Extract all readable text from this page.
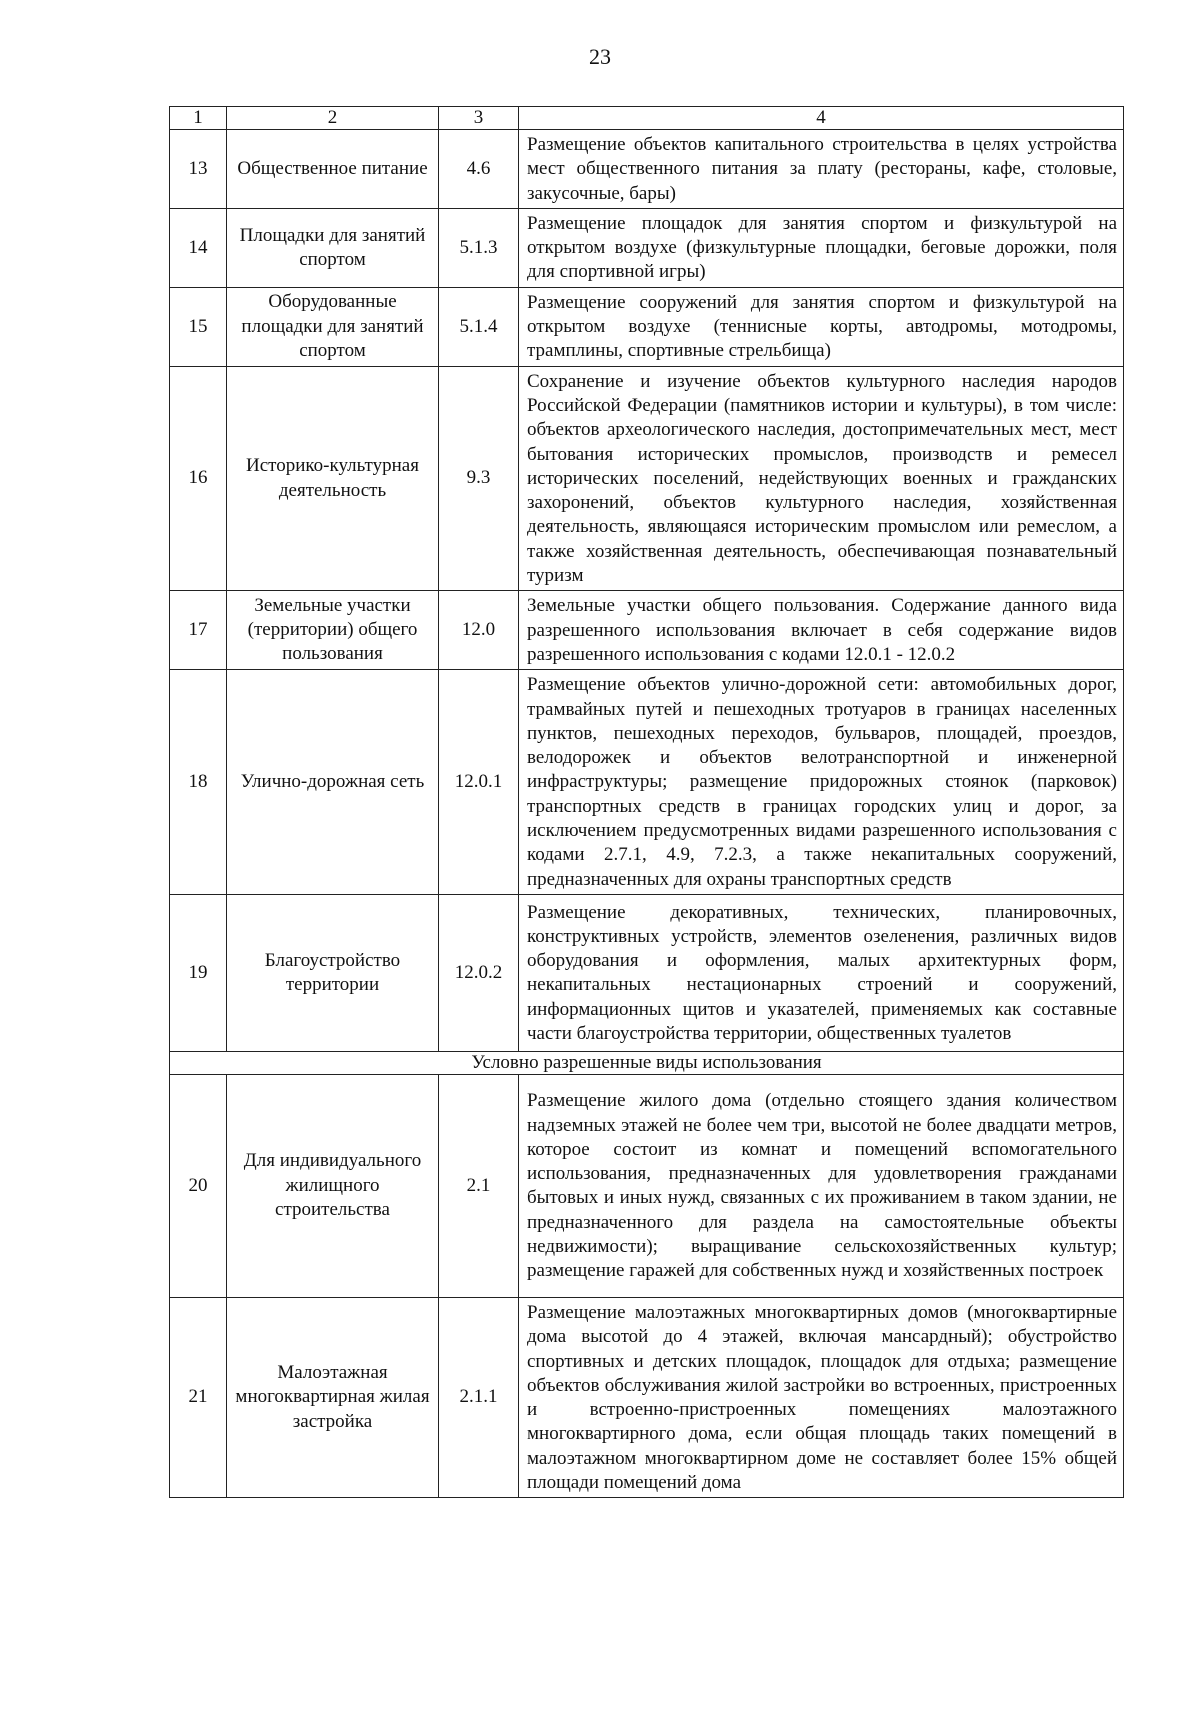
23
1	2	3	4
13	Общественное питание	4.6	Размещение объектов капитального строительства в целях устройства мест общественного питания за плату (рестораны, кафе, столовые, закусочные, бары)
14	Площадки для занятий спортом	5.1.3	Размещение площадок для занятия спортом и физкультурой на открытом воздухе (физкультурные площадки, беговые дорожки, поля для спортивной игры)
15	Оборудованные площадки для занятий спортом	5.1.4	Размещение сооружений для занятия спортом и физкультурой на открытом воздухе (теннисные корты, автодромы, мотодромы, трамплины, спортивные стрельбища)
16	Историко-культурная деятельность	9.3	Сохранение и изучение объектов культурного наследия народов Российской Федерации (памятников истории и культуры), в том числе: объектов археологического наследия, достопримечательных мест, мест бытования исторических промыслов, производств и ремесел исторических поселений, недействующих военных и гражданских захоронений, объектов культурного наследия, хозяйственная деятельность, являющаяся историческим промыслом или ремеслом, а также хозяйственная деятельность, обеспечивающая познавательный туризм
17	Земельные участки (территории) общего пользования	12.0	Земельные участки общего пользования. Содержание данного вида разрешенного использования включает в себя содержание видов разрешенного использования с кодами 12.0.1 - 12.0.2
18	Улично-дорожная сеть	12.0.1	Размещение объектов улично-дорожной сети: автомобильных дорог, трамвайных путей и пешеходных тротуаров в границах населенных пунктов, пешеходных переходов, бульваров, площадей, проездов, велодорожек и объектов велотранспортной и инженерной инфраструктуры; размещение придорожных стоянок (парковок) транспортных средств в границах городских улиц и дорог, за исключением предусмотренных видами разрешенного использования с кодами 2.7.1, 4.9, 7.2.3, а также некапитальных сооружений, предназначенных для охраны транспортных средств
19	Благоустройство территории	12.0.2	Размещение декоративных, технических, планировочных, конструктивных устройств, элементов озеленения, различных видов оборудования и оформления, малых архитектурных форм, некапитальных нестационарных строений и сооружений, информационных щитов и указателей, применяемых как составные части благоустройства территории, общественных туалетов
Условно разрешенные виды использования			
20	Для индивидуального жилищного строительства	2.1	Размещение жилого дома (отдельно стоящего здания количеством надземных этажей не более чем три, высотой не более двадцати метров, которое состоит из комнат и помещений вспомогательного использования, предназначенных для удовлетворения гражданами бытовых и иных нужд, связанных с их проживанием в таком здании, не предназначенного для раздела на самостоятельные объекты недвижимости); выращивание сельскохозяйственных культур; размещение гаражей для собственных нужд и хозяйственных построек
21	Малоэтажная многоквартирная жилая застройка	2.1.1	Размещение малоэтажных многоквартирных домов (многоквартирные дома высотой до 4 этажей, включая мансардный); обустройство спортивных и детских площадок, площадок для отдыха; размещение объектов обслуживания жилой застройки во встроенных, пристроенных и встроенно-пристроенных помещениях малоэтажного многоквартирного дома, если общая площадь таких помещений в малоэтажном многоквартирном доме не составляет более 15% общей площади помещений дома
